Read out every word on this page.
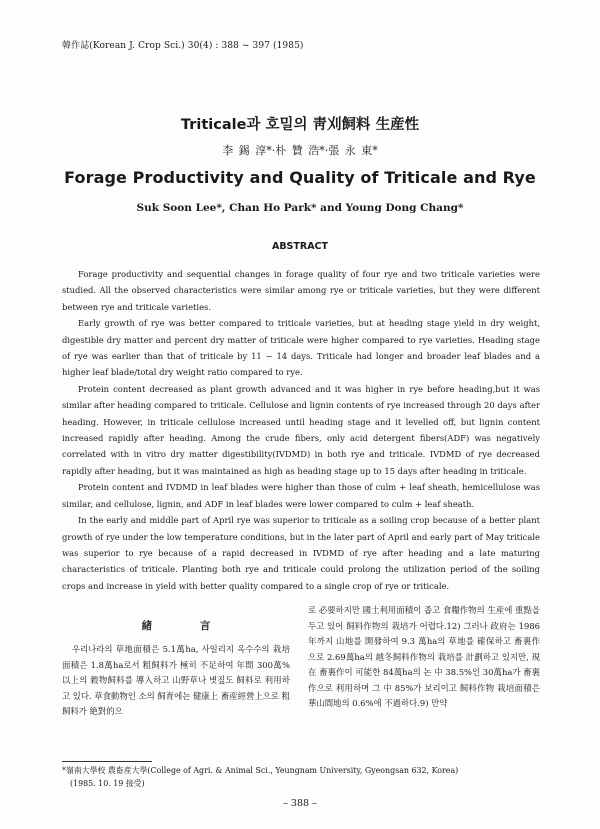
韓作誌(Korean J. Crop Sci.) 30(4) : 388 ~ 397 (1985)
Triticale과 호밀의 靑刈飼料 生産性
李 錫 淳*·朴 贊 浩*·張 永 東*
Forage Productivity and Quality of Triticale and Rye
Suk Soon Lee*, Chan Ho Park* and Young Dong Chang*
ABSTRACT

Forage productivity and sequential changes in forage quality of four rye and two triticale varieties were studied. All the observed characteristics were similar among rye or triticale varieties, but they were different between rye and triticale varieties.

Early growth of rye was better compared to triticale varieties, but at heading stage yield in dry weight, digestible dry matter and percent dry matter of triticale were higher compared to rye varieties. Heading stage of rye was earlier than that of triticale by 11 ~ 14 days. Triticale had longer and broader leaf blades and a higher leaf blade/total dry weight ratio compared to rye.

Protein content decreased as plant growth advanced and it was higher in rye before heading,but it was similar after heading compared to triticale. Cellulose and lignin contents of rye increased through 20 days after heading. However, in triticale cellulose increased until heading stage and it levelled off, but lignin content increased rapidly after heading. Among the crude fibers, only acid detergent fibers(ADF) was negatively correlated with in vitro dry matter digestibility(IVDMD) in both rye and triticale. IVDMD of rye decreased rapidly after heading, but it was maintained as high as heading stage up to 15 days after heading in triticale.

Protein content and IVDMD in leaf blades were higher than those of culm + leaf sheath, hemicellulose was similar, and cellulose, lignin, and ADF in leaf blades were lower compared to culm + leaf sheath.

In the early and middle part of April rye was superior to triticale as a soiling crop because of a better plant growth of rye under the low temperature conditions, but in the later part of April and early part of May triticale was superior to rye because of a rapid decreased in IVDMD of rye after heading and a late maturing characteristics of triticale. Planting both rye and triticale could prolong the utilization period of the soiling crops and increase in yield with better quality compared to a single crop of rye or triticale.

緒 言

우리나라의 草地面積은 5.1萬ha, 사일리지 옥수수의 栽培面積은 1.8萬ha로서 粗飼料가 極히 不足하여 年間 300萬% 以上의 穀物飼料를 導入하고 山野草나 볏짚도 飼料로 利用하고 있다. 草食動物인 소의 飼育에는 健康上 畜産經營上으로 粗飼料가 絶對的으

로 必要하지만 國土利用面積이 좁고 食糧作物의 生産에 重點을 두고 있어 飼料作物의 栽培가 어렵다.12) 그러나 政府는 1986年까지 山地를 開發하여 9.3 萬ha의 草地를 確保하고 畜裏作으로 2.69萬ha의 越冬飼料作物의 栽培를 計劃하고 있지만, 現在 畜裏作이 可能한 84萬ha의 논 中 38.5%인 30萬ha가 畜裏作으로 利用하며 그 中 85%가 보리이고 飼料作物 栽培面積은 華山間地의 0.6%에 不過하다.9) 만약

*嶺南大學校 農畜産大學(College of Agri. & Animal Sci., Yeungnam University, Gyeongsan 632, Korea)
(1985. 10. 19 接受)
– 388 –
